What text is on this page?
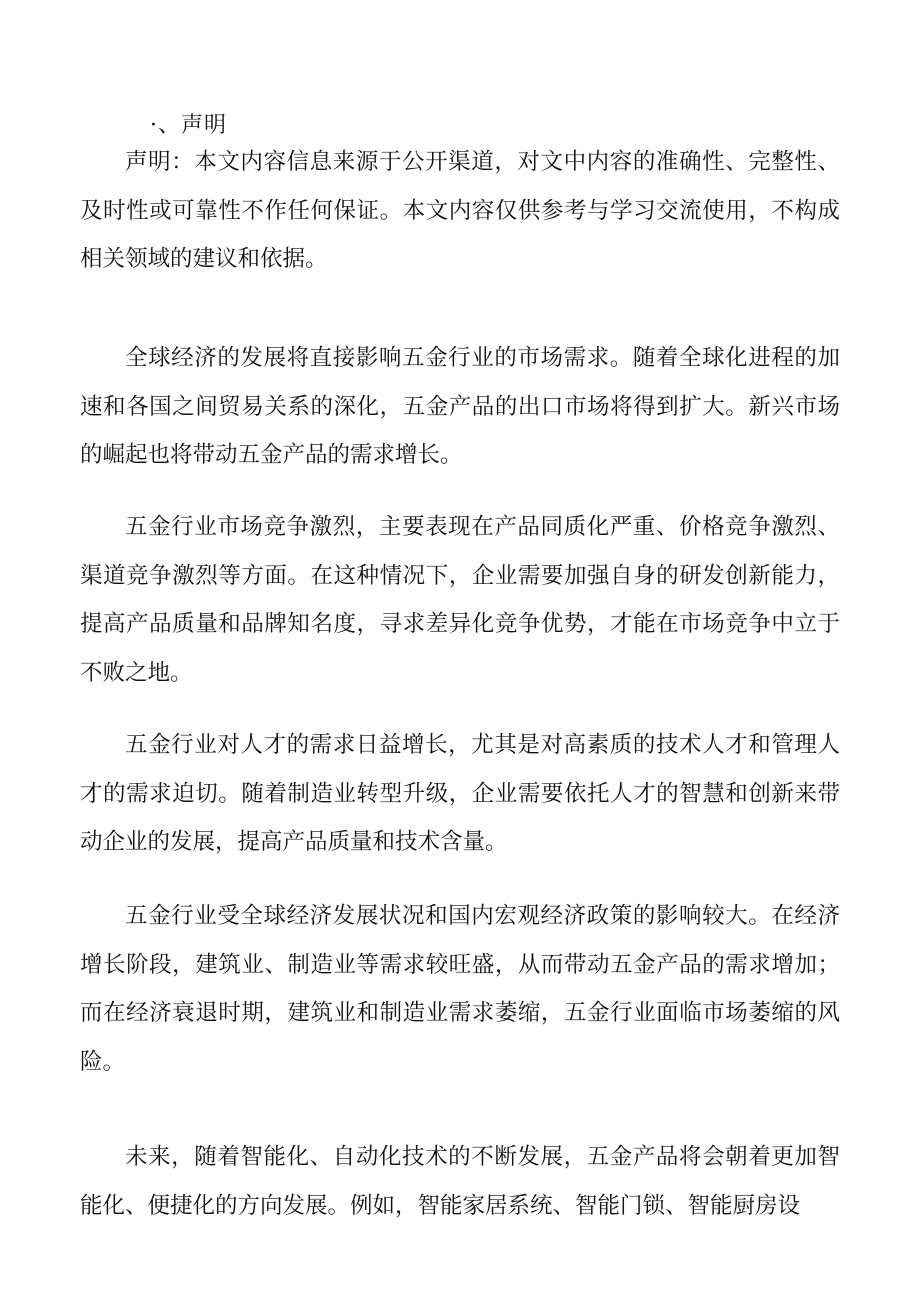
·、声明

声明：本文内容信息来源于公开渠道，对文中内容的准确性、完整性、及时性或可靠性不作任何保证。本文内容仅供参考与学习交流使用，不构成相关领域的建议和依据。

全球经济的发展将直接影响五金行业的市场需求。随着全球化进程的加速和各国之间贸易关系的深化，五金产品的出口市场将得到扩大。新兴市场的崛起也将带动五金产品的需求增长。

五金行业市场竞争激烈，主要表现在产品同质化严重、价格竞争激烈、渠道竞争激烈等方面。在这种情况下，企业需要加强自身的研发创新能力，提高产品质量和品牌知名度，寻求差异化竞争优势，才能在市场竞争中立于不败之地。

五金行业对人才的需求日益增长，尤其是对高素质的技术人才和管理人才的需求迫切。随着制造业转型升级，企业需要依托人才的智慧和创新来带动企业的发展，提高产品质量和技术含量。

五金行业受全球经济发展状况和国内宏观经济政策的影响较大。在经济增长阶段，建筑业、制造业等需求较旺盛，从而带动五金产品的需求增加；而在经济衰退时期，建筑业和制造业需求萎缩，五金行业面临市场萎缩的风险。

未来，随着智能化、自动化技术的不断发展，五金产品将会朝着更加智能化、便捷化的方向发展。例如，智能家居系统、智能门锁、智能厨房设
